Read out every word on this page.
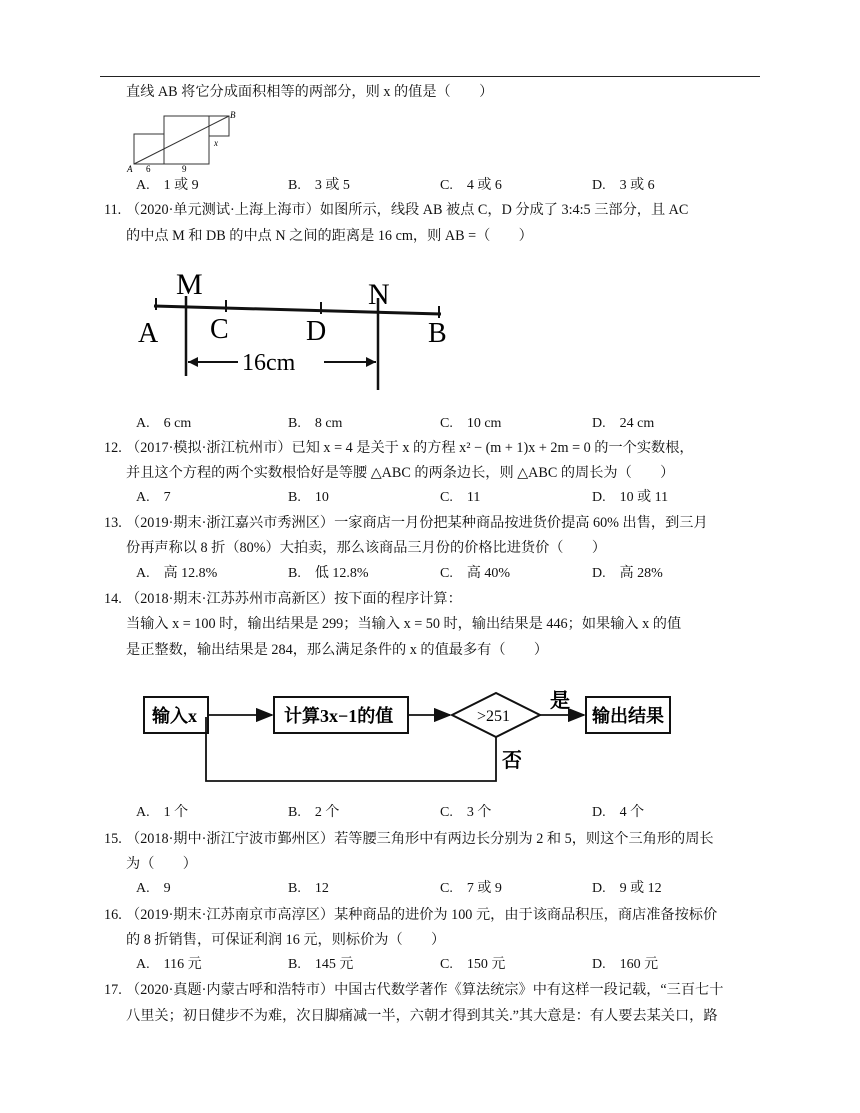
直线 AB 将它分成面积相等的两部分，则 x 的值是（　　）
A
B
x
6	9
A.　1 或 9	B.　3 或 5	C.　4 或 6	D.　3 或 6
11. （2020·单元测试·上海上海市）如图所示，线段 AB 被点 C，D 分成了 3:4:5 三部分，且 AC
的中点 M 和 DB 的中点 N 之间的距离是 16 cm，则 AB =（　　）
M	N
A C	D	B
16cm
A.　6 cm	B.　8 cm	C.　10 cm	D.　24 cm
12. （2017·模拟·浙江杭州市）已知 x = 4 是关于 x 的方程 x² − (m + 1)x + 2m = 0 的一个实数根，
并且这个方程的两个实数根恰好是等腰 △ABC 的两条边长，则 △ABC 的周长为（　　）
A.　7	B.　10	C.　11	D.　10 或 11
13. （2019·期末·浙江嘉兴市秀洲区）一家商店一月份把某种商品按进货价提高 60% 出售，到三月
份再声称以 8 折（80%）大拍卖，那么该商品三月份的价格比进货价（　　）
A.　高 12.8%	B.　低 12.8%	C.　高 40%	D.　高 28%
14. （2018·期末·江苏苏州市高新区）按下面的程序计算：
当输入 x = 100 时，输出结果是 299；当输入 x = 50 时，输出结果是 446；如果输入 x 的值
是正整数，输出结果是 284，那么满足条件的 x 的值最多有（　　）
输入x	计算3x−1的值	>251	输出结果
是
否
A.　1 个	B.　2 个	C.　3 个	D.　4 个
15. （2018·期中·浙江宁波市鄞州区）若等腰三角形中有两边长分别为 2 和 5，则这个三角形的周长
为（　　）
A.　9	B.　12	C.　7 或 9	D.　9 或 12
16. （2019·期末·江苏南京市高淳区）某种商品的进价为 100 元，由于该商品积压，商店准备按标价
的 8 折销售，可保证利润 16 元，则标价为（　　）
A.　116 元	B.　145 元	C.　150 元	D.　160 元
17. （2020·真题·内蒙古呼和浩特市）中国古代数学著作《算法统宗》中有这样一段记载，“三百七十
八里关；初日健步不为难，次日脚痛减一半，六朝才得到其关.”其大意是：有人要去某关口，路
